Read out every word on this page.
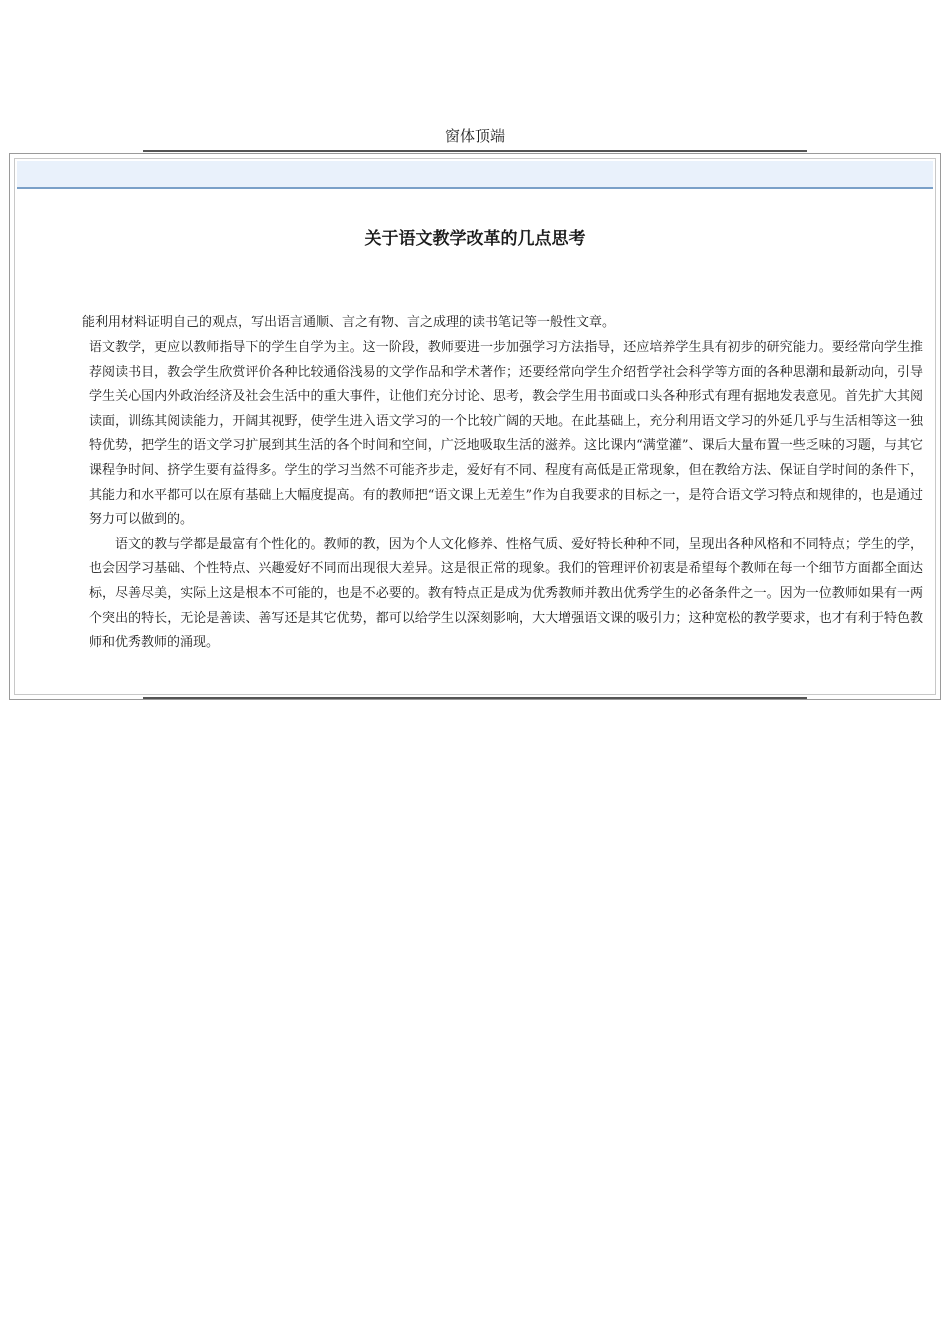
窗体顶端
关于语文教学改革的几点思考
能利用材料证明自己的观点，写出语言通顺、言之有物、言之成理的读书笔记等一般性文章。

语文教学，更应以教师指导下的学生自学为主。这一阶段，教师要进一步加强学习方法指导，还应培养学生具有初步的研究能力。要经常向学生推荐阅读书目，教会学生欣赏评价各种比较通俗浅易的文学作品和学术著作；还要经常向学生介绍哲学社会科学等方面的各种思潮和最新动向，引导学生关心国内外政治经济及社会生活中的重大事件，让他们充分讨论、思考，教会学生用书面或口头各种形式有理有据地发表意见。首先扩大其阅读面，训练其阅读能力，开阔其视野，使学生进入语文学习的一个比较广阔的天地。在此基础上，充分利用语文学习的外延几乎与生活相等这一独特优势，把学生的语文学习扩展到其生活的各个时间和空间，广泛地吸取生活的滋养。这比课内“满堂灌”、课后大量布置一些乏味的习题，与其它课程争时间、挤学生要有益得多。学生的学习当然不可能齐步走，爱好有不同、程度有高低是正常现象，但在教给方法、保证自学时间的条件下，其能力和水平都可以在原有基础上大幅度提高。有的教师把“语文课上无差生”作为自我要求的目标之一，是符合语文学习特点和规律的，也是通过努力可以做到的。

语文的教与学都是最富有个性化的。教师的教，因为个人文化修养、性格气质、爱好特长种种不同，呈现出各种风格和不同特点；学生的学，也会因学习基础、个性特点、兴趣爱好不同而出现很大差异。这是很正常的现象。我们的管理评价初衷是希望每个教师在每一个细节方面都全面达标，尽善尽美，实际上这是根本不可能的，也是不必要的。教有特点正是成为优秀教师并教出优秀学生的必备条件之一。因为一位教师如果有一两个突出的特长，无论是善读、善写还是其它优势，都可以给学生以深刻影响，大大增强语文课的吸引力；这种宽松的教学要求，也才有利于特色教师和优秀教师的涌现。
